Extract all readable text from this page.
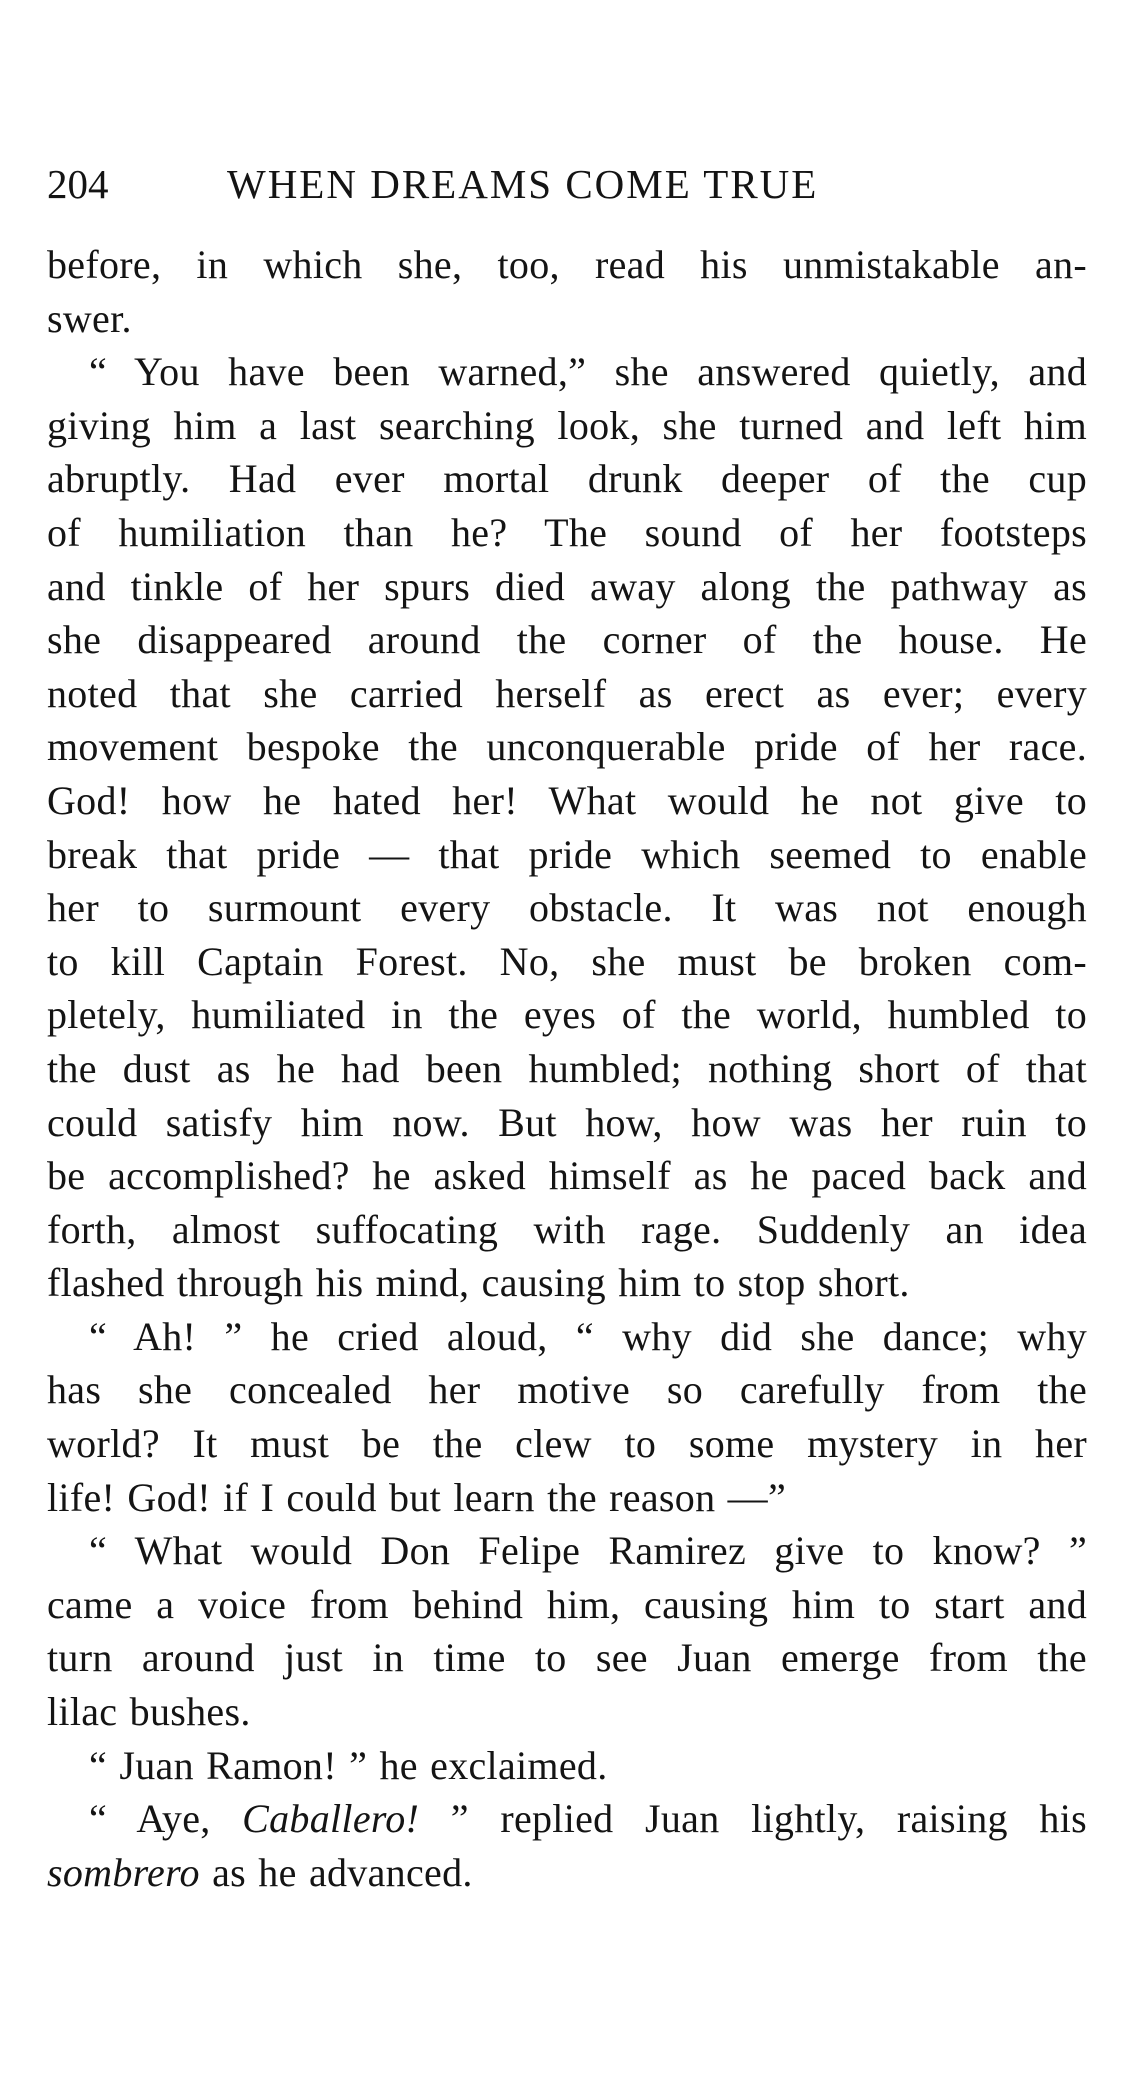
204	WHEN DREAMS COME TRUE

before, in which she, too, read his unmistakable an-
swer.

“ You have been warned,” she answered quietly, and
giving him a last searching look, she turned and left him
abruptly. Had ever mortal drunk deeper of the cup
of humiliation than he? The sound of her footsteps
and tinkle of her spurs died away along the pathway as
she disappeared around the corner of the house. He
noted that she carried herself as erect as ever; every
movement bespoke the unconquerable pride of her race.
God! how he hated her! What would he not give to
break that pride — that pride which seemed to enable
her to surmount every obstacle. It was not enough
to kill Captain Forest. No, she must be broken com-
pletely, humiliated in the eyes of the world, humbled to
the dust as he had been humbled; nothing short of that
could satisfy him now. But how, how was her ruin to
be accomplished? he asked himself as he paced back and
forth, almost suffocating with rage. Suddenly an idea
flashed through his mind, causing him to stop short.

“ Ah! ” he cried aloud, “ why did she dance; why
has she concealed her motive so carefully from the
world? It must be the clew to some mystery in her
life! God! if I could but learn the reason —”

“ What would Don Felipe Ramirez give to know? ”
came a voice from behind him, causing him to start and
turn around just in time to see Juan emerge from the
lilac bushes.

“ Juan Ramon! ” he exclaimed.

“ Aye, Caballero! ” replied Juan lightly, raising his
sombrero as he advanced.
